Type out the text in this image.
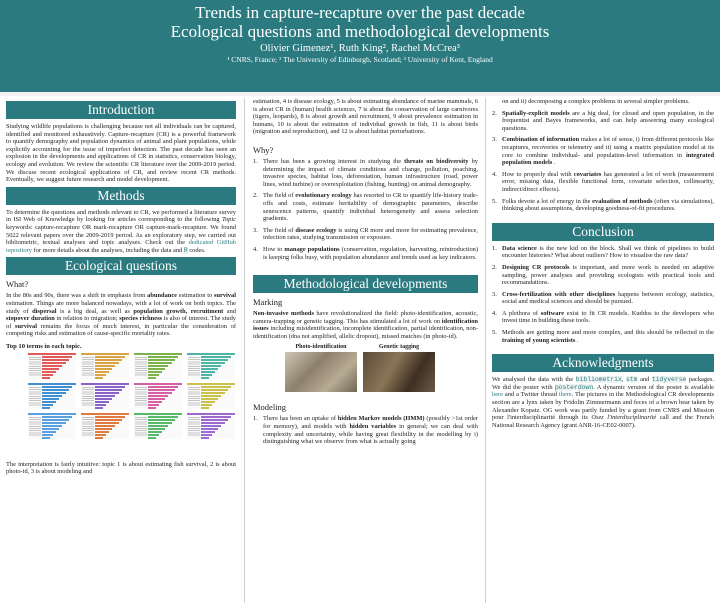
Trends in capture-recapture over the past decade
Ecological questions and methodological developments
Olivier Gimenez¹, Ruth King², Rachel McCrea³
¹ CNRS, France; ² The University of Edinburgh, Scotland; ³ University of Kent, England
Introduction
Studying wildlife populations is challenging because not all individuals can be captured, identified and monitored exhaustively. Capture-recapture (CR) is a powerful framework to quantify demography and population dynamics of animal and plant populations, while explicitly accounting for the issue of imperfect detection. The past decade has seen an explosion in the developments and applications of CR in statistics, conservation biology, ecology and evolution. We review the scientific CR literature over the 2009-2019 period. We discuss recent ecological applications of CR, and review recent CR methods. Eventually, we suggest future research and model development.
Methods
To determine the questions and methods relevant to CR, we performed a literature survey in ISI Web of Knowledge by looking for articles corresponding to the following Topic keywords: capture-recapture OR mark-recapture OR capture-mark-recapture. We found 5022 relevant papers over the 2009-2019 period. As an exploratory step, we carried out bibliometric, textual analyses and topic analyses. Check out the dedicated GitHub repository for more details about the analyses, including the data and R codes.
Ecological questions
What?
In the 80s and 90s, there was a shift in emphasis from abundance estimation to survival estimation. Things are more balanced nowadays, with a lot of work on both topics. The study of dispersal is a big deal, as well as population growth, recruitment and stopover duration in relation to migration; species richness is also of interest. The study of survival remains the focus of much interest, in particular the consideration of competing risks and estimation of cause-specific mortality rates.
Top 10 terms in each topic.
The interpretation is fairly intuitive: topic 1 is about estimating fish survival, 2 is about photo-id, 3 is about modeling and
estimation, 4 is disease ecology, 5 is about estimating abundance of marine mammals, 6 is about CR in (human) health sciences, 7 is about the conservation of large carnivores (tigers, leopards), 8 is about growth and recruitment, 9 about prevalence estimation in humans, 10 is about the estimation of individual growth in fish, 11 is about birds (migration and reproduction), and 12 is about habitat perturbations.
Why?
1. There has been a growing interest in studying the threats on biodiversity by determining the impact of climate conditions and change, pollution, poaching, invasive species, habitat loss, deforestation, human infrastructure (road, power lines, wind turbine) or overexploitation (fishing, hunting) on animal demography.
2. The field of evolutionary ecology has resorted to CR to quantify life-history trade-offs and costs, estimate heritability of demographic parameters, describe senescence patterns, quantify individual heterogeneity and assess selection gradients.
3. The field of disease ecology is using CR more and more for estimating prevalence, infection rates, studying transmission or exposure.
4. How to manage populations (conservation, regulation, harvesting, reintroduction) is keeping folks busy, with population abundance and trends used as key indicators.
Methodological developments
Marking
Non-invasive methods have revolutionalized the field: photo-identification, acoustic, camera-trapping or genetic tagging. This has stimulated a lot of work on identification issues including misidentification, incomplete identification, partial identification, non-identification (dna not amplified, allelic dropout), missed matches (in photo-id).
Photo-identification	Genetic tagging
Modeling
1. There has been an uptake of hidden Markov models (HMM) (possibly >1st order for memory), and models with hidden variables in general; we can deal with complexity and uncertainty, while having great flexibility in the modelling by i) distinguishing what we observe from what is actually going
on and ii) decomposing a complex problems in several simpler problems.
2. Spatially-explicit models are a big deal, for closed and open population, in the frequentist and Bayes frameworks, and can help answering many ecological questions.
3. Combination of information makes a lot of sense, i) from different protocols like recaptures, recoveries or telemetry and ii) using a matrix population model at its core to combine individual- and population-level information in integrated population models .
4. How to properly deal with covariates has generated a lot of work (measurement error, missing data, flexible functional form, covariate selection, collinearity, indirect/direct effects).
5. Folks devote a lot of energy in the evaluation of methods (often via simulations), thinking about assumptions, developing goodness-of-fit procedures.
Conclusion
1. Data science is the new kid on the block. Shall we think of pipelines to build encounter histories? What about outliers? How to visualise the raw data?
2. Designing CR protocols is important, and more work is needed on adaptive sampling, power analyses and providing ecologists with practical tools and recommandations.
3. Cross-fertilization with other disciplines happens between ecology, statistics, social and medical sciences and should be pursued.
4. A plethora of software exist to fit CR models. Kuddos to the developers who invest time in building these tools.
5. Methods are getting more and more complex, and this should be reflected in the training of young scientists .
Acknowledgments
We analysed the data with the bibliometrix, stm and tidyverse packages. We did the poster with posterdown. A dynamic version of the poster is available here and a Twitter thread there. The pictures in the Methodological CR developments section are a lynx taken by Fridolin Zimmermann and feces of a brown bear taken by Alexander Kopatz. OG work was partly funded by a grant from CNRS and Mission pour l'interdisciplinarité through its Osez l'interdisciplinarité call and the French National Research Agency (grant ANR-16-CE02-0007).
